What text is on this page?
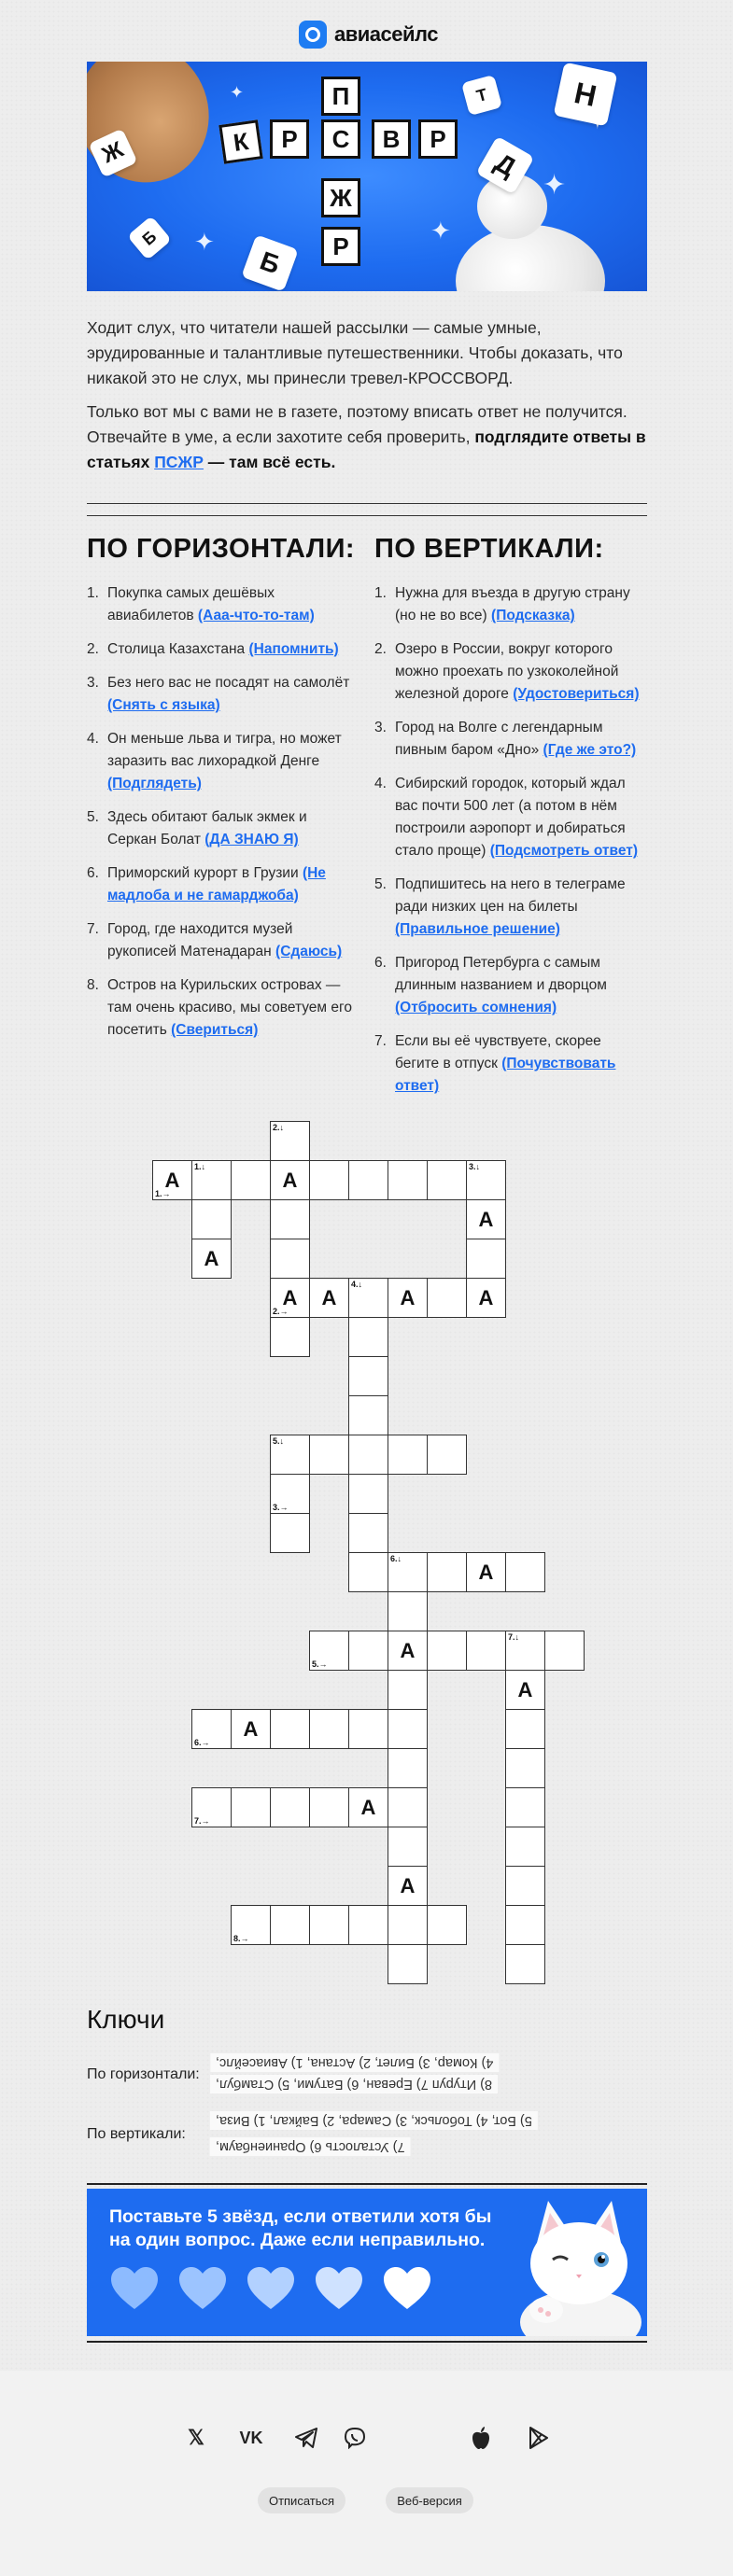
авиасейлс
✦
✦	✦
✦
Ж
Т	Н
Д
Б
Б
П
К	Р	С	В	Р
Ж
Р

Ходит слух, что читатели нашей рассылки — самые умные, эрудированные и талантливые путешественники. Чтобы доказать, что никакой это не слух, мы принесли тревел-КРОССВОРД.

Только вот мы с вами не в газете, поэтому вписать ответ не получится. Отвечайте в уме, а если захотите себя проверить, подглядите ответы в статьях ПСЖР — там всё есть.

ПО ГОРИЗОНТАЛИ: ПО ВЕРТИКАЛИ:
1. Покупка самых дешёвых авиабилетов (Ааа-что-то-там)
2. Столица Казахстана (Напомнить)
3. Без него вас не посадят на самолёт (Снять с языка)
4. Он меньше льва и тигра, но может заразить вас лихорадкой Денге (Подглядеть)
5. Здесь обитают балык экмек и Серкан Болат (ДА ЗНАЮ Я)
6. Приморский курорт в Грузии (Не мадлоба и не гамарджоба)
7. Город, где находится музей рукописей Матенадаран (Сдаюсь)
8. Остров на Курильских островах — там очень красиво, мы советуем его посетить (Свериться)
1. Нужна для въезда в другую страну (но не во все) (Подсказка)
2. Озеро в России, вокруг которого можно проехать по узкоколейной железной дороге (Удостовериться)
3. Город на Волге с легендарным пивным баром «Дно» (Где же это?)
4. Сибирский городок, который ждал вас почти 500 лет (а потом в нём построили аэропорт и добираться стало проще) (Подсмотреть ответ)
5. Подпишитесь на него в телеграме ради низких цен на билеты (Правильное решение)
6. Пригород Петербурга с самым длинным названием и дворцом (Отбросить сомнения)
7. Если вы её чувствуете, скорее бегите в отпуск (Почувствовать ответ)
1.→
А
1.↓
А
3.↓
А
2.↓
2.→
А
А
А
А
4.↓
А
5.↓
3.→
6.↓
А
А
А
5.→
7.↓
А
6.→
А
7.→
А
8.→
Ключи
По горизонтали:
По вертикали:
4) Комар, 3) Билет, 2) Астана, 1) Авиасейлс,
8) Итуруп 7) Ереван, 6) Батуми, 5) Стамбул,
5) Бот, 4) Тобольск, 3) Самара, 2) Байкал, 1) Виза,
7) Усталость 6) Ораниенбаум,
Поставьте 5 звёзд, если ответили хотя бы на один вопрос. Даже если неправильно.
𝕏	VK
Отписаться	Веб-версия
